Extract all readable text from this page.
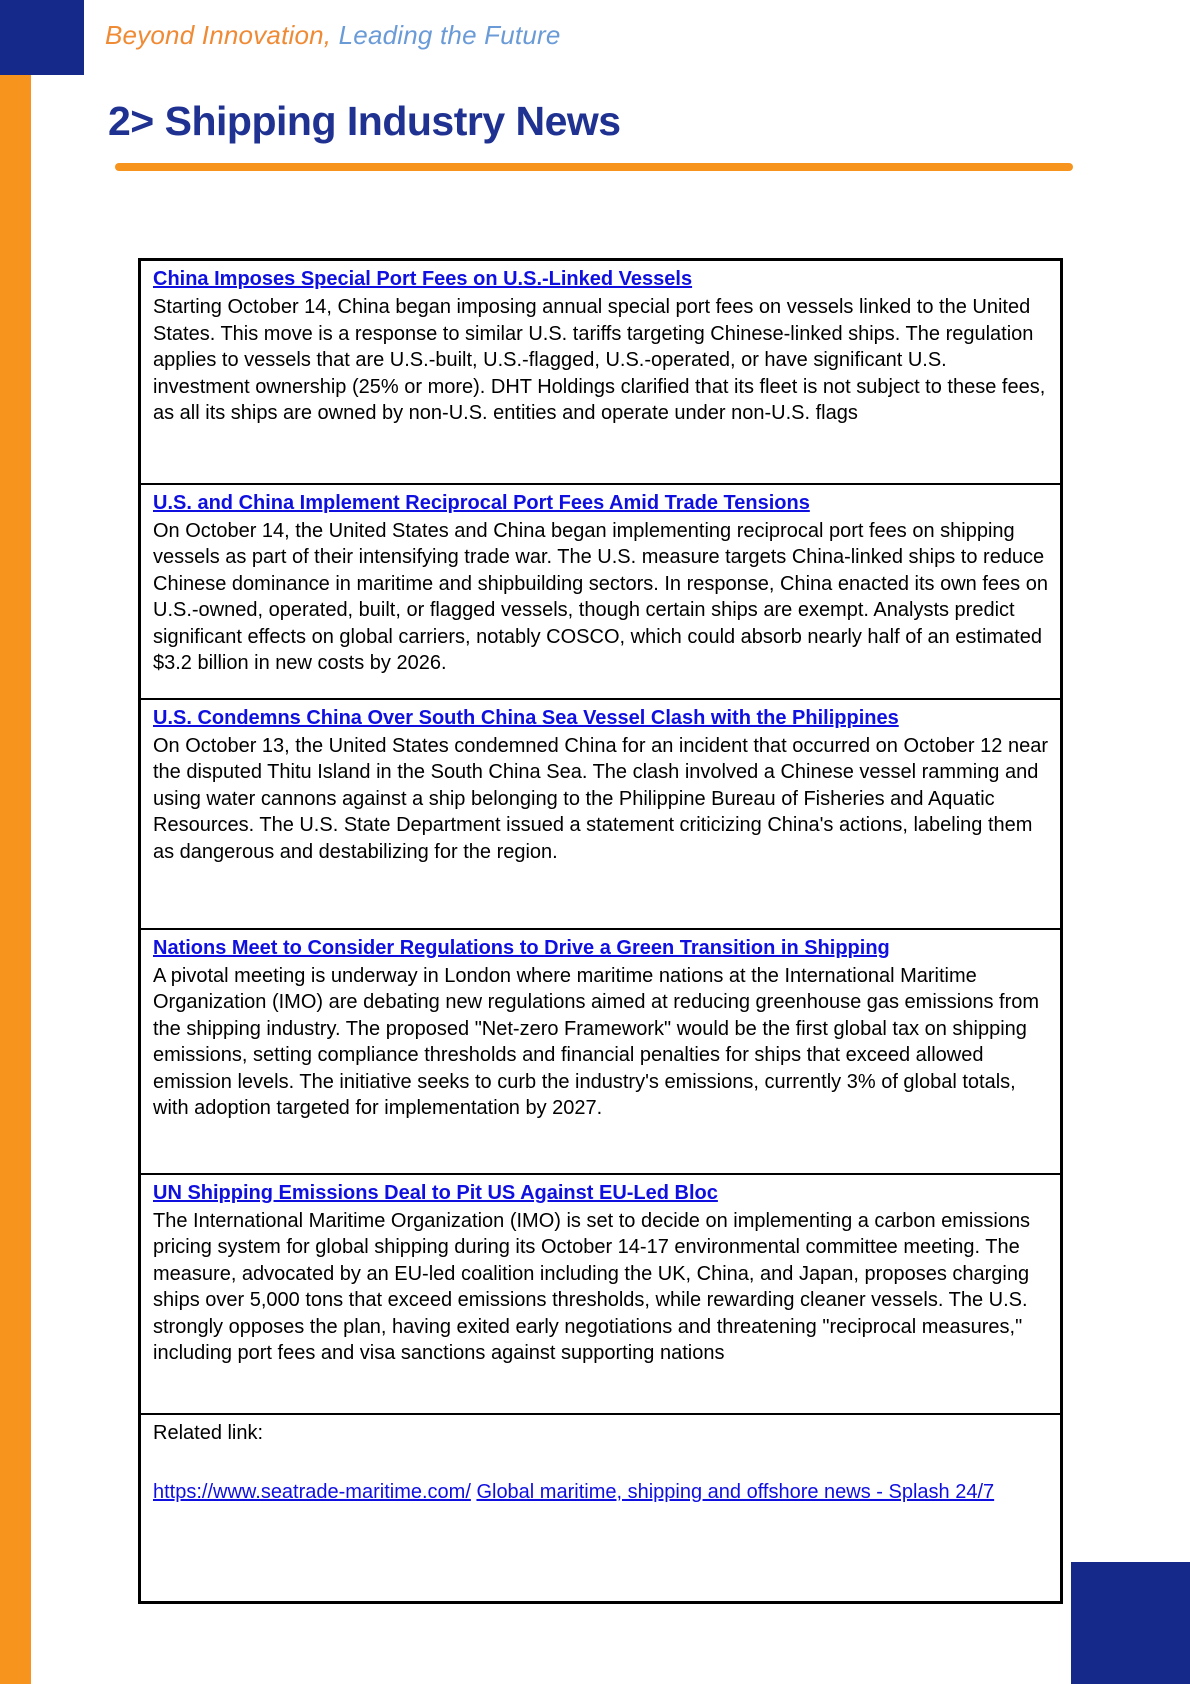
Beyond Innovation, Leading the Future
2> Shipping Industry News
China Imposes Special Port Fees on U.S.-Linked Vessels
Starting October 14, China began imposing annual special port fees on vessels linked to the United States. This move is a response to similar U.S. tariffs targeting Chinese-linked ships. The regulation applies to vessels that are U.S.-built, U.S.-flagged, U.S.-operated, or have significant U.S. investment ownership (25% or more). DHT Holdings clarified that its fleet is not subject to these fees, as all its ships are owned by non-U.S. entities and operate under non-U.S. flags

U.S. and China Implement Reciprocal Port Fees Amid Trade Tensions
On October 14, the United States and China began implementing reciprocal port fees on shipping vessels as part of their intensifying trade war. The U.S. measure targets China-linked ships to reduce Chinese dominance in maritime and shipbuilding sectors. In response, China enacted its own fees on U.S.-owned, operated, built, or flagged vessels, though certain ships are exempt. Analysts predict significant effects on global carriers, notably COSCO, which could absorb nearly half of an estimated $3.2 billion in new costs by 2026.

U.S. Condemns China Over South China Sea Vessel Clash with the Philippines
On October 13, the United States condemned China for an incident that occurred on October 12 near the disputed Thitu Island in the South China Sea. The clash involved a Chinese vessel ramming and using water cannons against a ship belonging to the Philippine Bureau of Fisheries and Aquatic Resources. The U.S. State Department issued a statement criticizing China's actions, labeling them as dangerous and destabilizing for the region.

Nations Meet to Consider Regulations to Drive a Green Transition in Shipping
A pivotal meeting is underway in London where maritime nations at the International Maritime Organization (IMO) are debating new regulations aimed at reducing greenhouse gas emissions from the shipping industry. The proposed "Net-zero Framework" would be the first global tax on shipping emissions, setting compliance thresholds and financial penalties for ships that exceed allowed emission levels. The initiative seeks to curb the industry's emissions, currently 3% of global totals, with adoption targeted for implementation by 2027.

UN Shipping Emissions Deal to Pit US Against EU-Led Bloc
The International Maritime Organization (IMO) is set to decide on implementing a carbon emissions pricing system for global shipping during its October 14-17 environmental committee meeting. The measure, advocated by an EU-led coalition including the UK, China, and Japan, proposes charging ships over 5,000 tons that exceed emissions thresholds, while rewarding cleaner vessels. The U.S. strongly opposes the plan, having exited early negotiations and threatening "reciprocal measures," including port fees and visa sanctions against supporting nations

Related link:
https://www.seatrade-maritime.com/ Global maritime, shipping and offshore news - Splash 24/7
